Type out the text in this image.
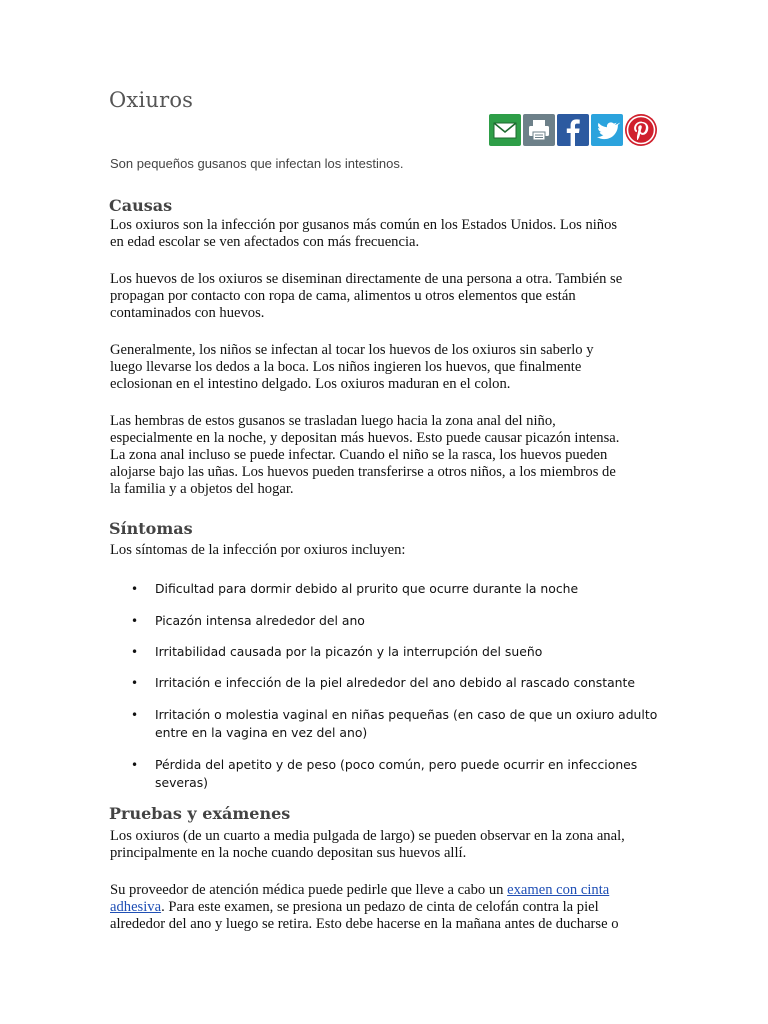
Oxiuros

Son pequeños gusanos que infectan los intestinos.

Causas
Los oxiuros son la infección por gusanos más común en los Estados Unidos. Los niños
en edad escolar se ven afectados con más frecuencia.
Los huevos de los oxiuros se diseminan directamente de una persona a otra. También se
propagan por contacto con ropa de cama, alimentos u otros elementos que están
contaminados con huevos.
Generalmente, los niños se infectan al tocar los huevos de los oxiuros sin saberlo y
luego llevarse los dedos a la boca. Los niños ingieren los huevos, que finalmente
eclosionan en el intestino delgado. Los oxiuros maduran en el colon.
Las hembras de estos gusanos se trasladan luego hacia la zona anal del niño,
especialmente en la noche, y depositan más huevos. Esto puede causar picazón intensa.
La zona anal incluso se puede infectar. Cuando el niño se la rasca, los huevos pueden
alojarse bajo las uñas. Los huevos pueden transferirse a otros niños, a los miembros de
la familia y a objetos del hogar.
Síntomas
Los síntomas de la infección por oxiuros incluyen:
• Dificultad para dormir debido al prurito que ocurre durante la noche
• Picazón intensa alrededor del ano
• Irritabilidad causada por la picazón y la interrupción del sueño
• Irritación e infección de la piel alrededor del ano debido al rascado constante
• Irritación o molestia vaginal en niñas pequeñas (en caso de que un oxiuro adulto
entre en la vagina en vez del ano)
• Pérdida del apetito y de peso (poco común, pero puede ocurrir en infecciones
severas)
Pruebas y exámenes
Los oxiuros (de un cuarto a media pulgada de largo) se pueden observar en la zona anal,
principalmente en la noche cuando depositan sus huevos allí.
Su proveedor de atención médica puede pedirle que lleve a cabo un examen con cinta
adhesiva. Para este examen, se presiona un pedazo de cinta de celofán contra la piel
alrededor del ano y luego se retira. Esto debe hacerse en la mañana antes de ducharse o
